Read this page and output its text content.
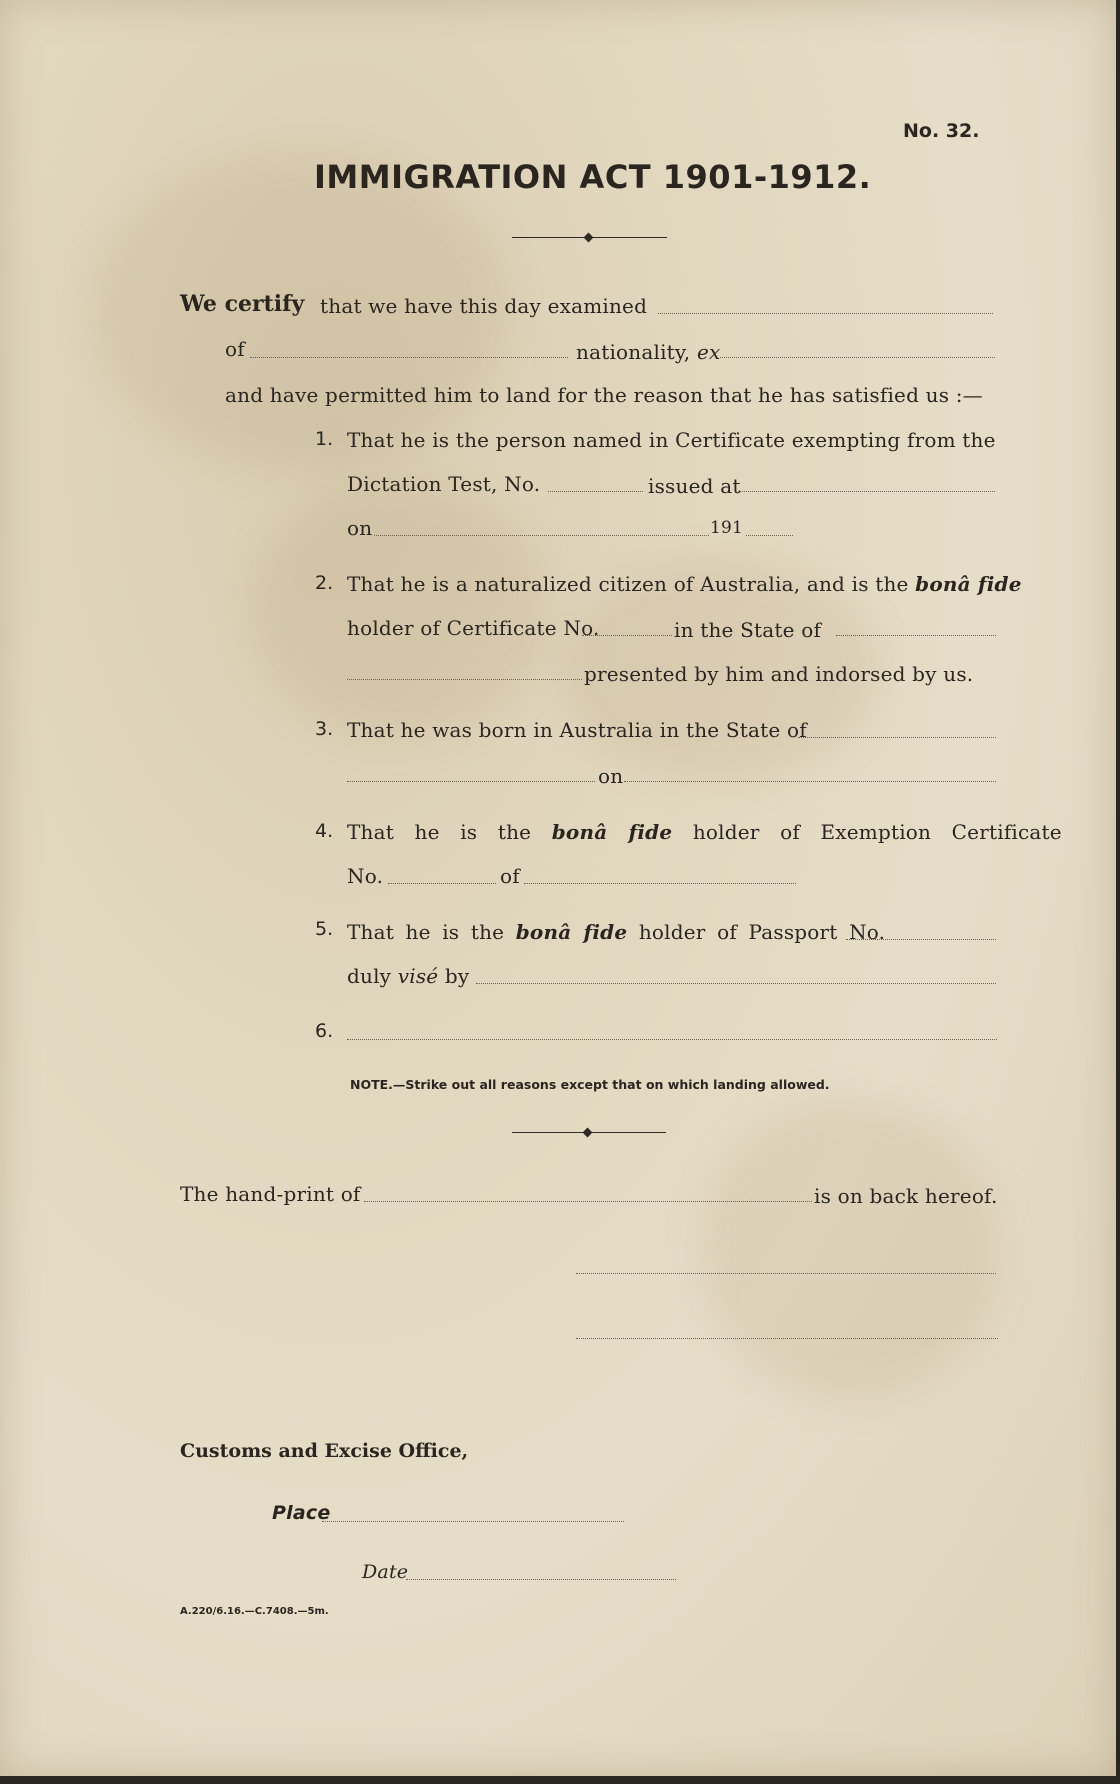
No. 32.
IMMIGRATION ACT 1901-1912.
We certify that we have this day examined
of	nationality, ex
and have permitted him to land for the reason that he has satisfied us :—
1. That he is the person named in Certificate exempting from the
Dictation Test, No.	issued at
on	191
2. That he is a naturalized citizen of Australia, and is the bonâ fide
holder of Certificate No.	in the State of
presented by him and indorsed by us.
3. That he was born in Australia in the State of
on
4. That he is the bonâ fide holder of Exemption Certificate
No.	of
5. That he is the bonâ fide holder of Passport No.
duly visé by
6.
NOTE.—Strike out all reasons except that on which landing allowed.
The hand-print of	is on back hereof.
Customs and Excise Office,
Place
Date
A.220/6.16.—C.7408.—5m.
